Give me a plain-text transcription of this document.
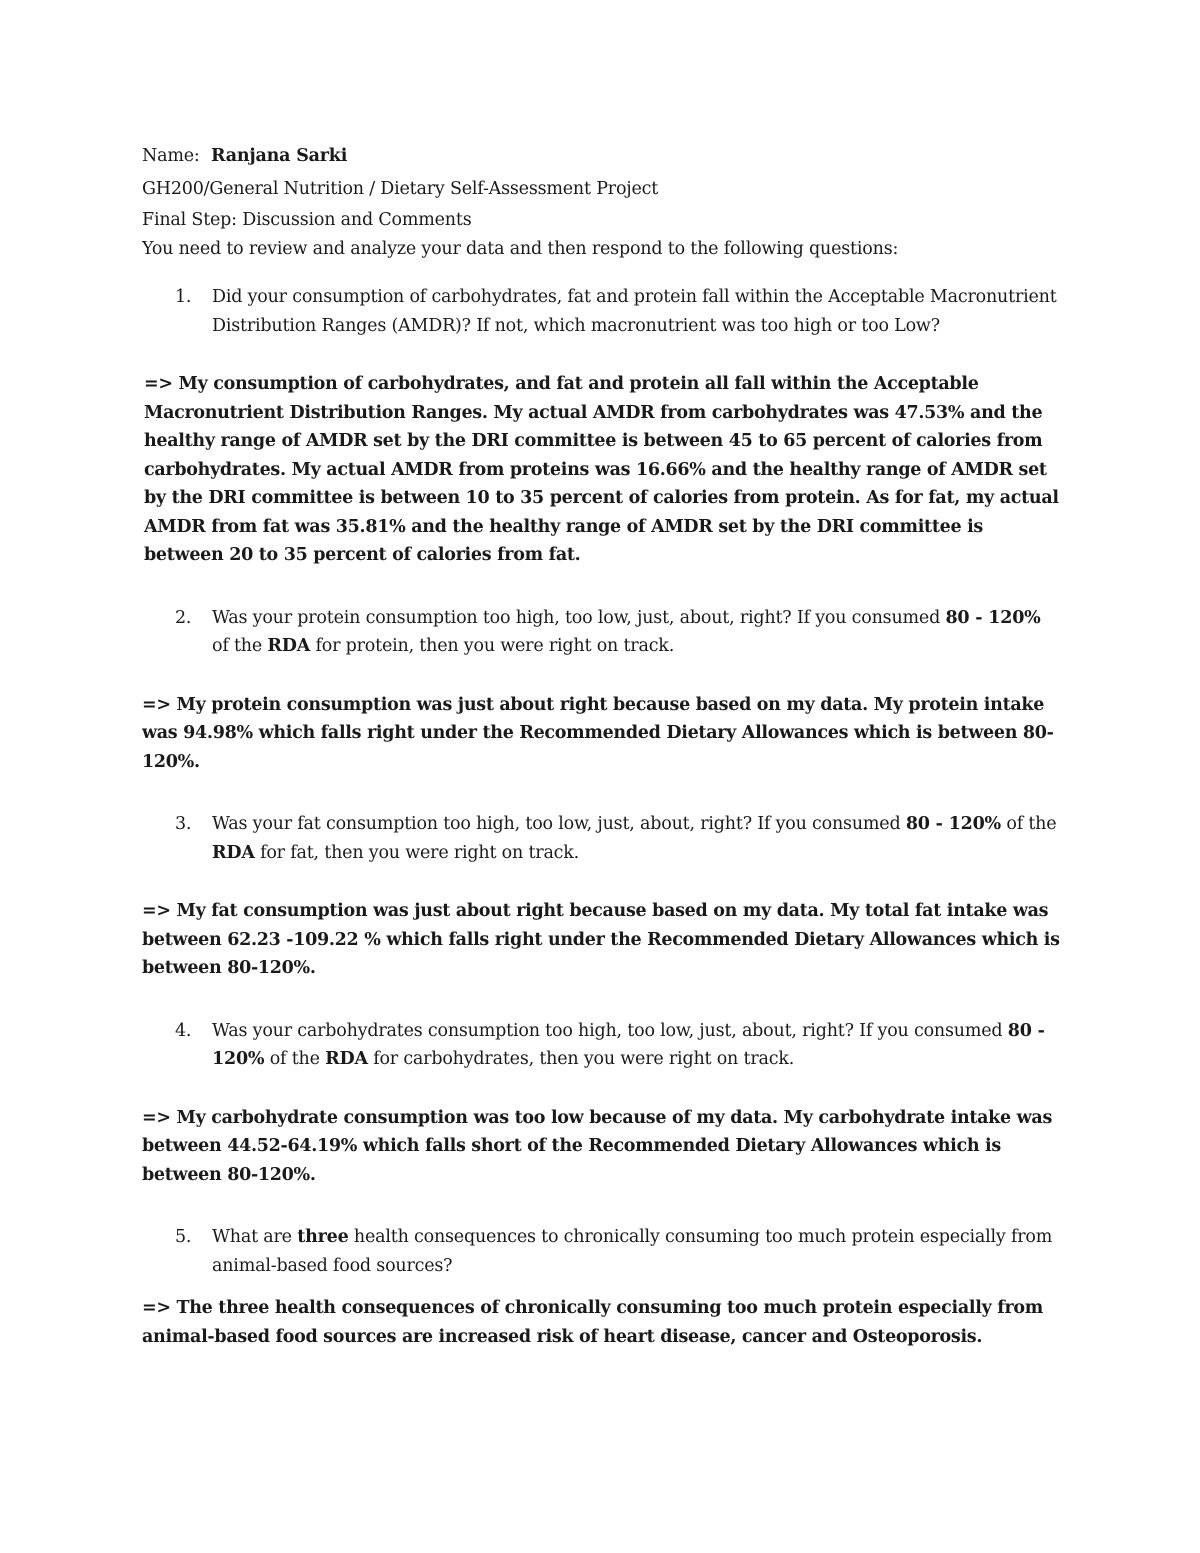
Name: Ranjana Sarki

GH200/General Nutrition / Dietary Self-Assessment Project

Final Step: Discussion and Comments

You need to review and analyze your data and then respond to the following questions:

1. Did your consumption of carbohydrates, fat and protein fall within the Acceptable Macronutrient Distribution Ranges (AMDR)? If not, which macronutrient was too high or too Low?

=> My consumption of carbohydrates, and fat and protein all fall within the Acceptable Macronutrient Distribution Ranges. My actual AMDR from carbohydrates was 47.53% and the healthy range of AMDR set by the DRI committee is between 45 to 65 percent of calories from carbohydrates. My actual AMDR from proteins was 16.66% and the healthy range of AMDR set by the DRI committee is between 10 to 35 percent of calories from protein. As for fat, my actual AMDR from fat was 35.81% and the healthy range of AMDR set by the DRI committee is between 20 to 35 percent of calories from fat.

2. Was your protein consumption too high, too low, just, about, right? If you consumed 80 - 120% of the RDA for protein, then you were right on track.

=> My protein consumption was just about right because based on my data. My protein intake was 94.98% which falls right under the Recommended Dietary Allowances which is between 80-120%.

3. Was your fat consumption too high, too low, just, about, right? If you consumed 80 - 120% of the RDA for fat, then you were right on track.

=> My fat consumption was just about right because based on my data. My total fat intake was between 62.23 -109.22 % which falls right under the Recommended Dietary Allowances which is between 80-120%.

4. Was your carbohydrates consumption too high, too low, just, about, right? If you consumed 80 - 120% of the RDA for carbohydrates, then you were right on track.

=> My carbohydrate consumption was too low because of my data. My carbohydrate intake was between 44.52-64.19% which falls short of the Recommended Dietary Allowances which is between 80-120%.

5. What are three health consequences to chronically consuming too much protein especially from animal-based food sources?

=> The three health consequences of chronically consuming too much protein especially from animal-based food sources are increased risk of heart disease, cancer and Osteoporosis.
